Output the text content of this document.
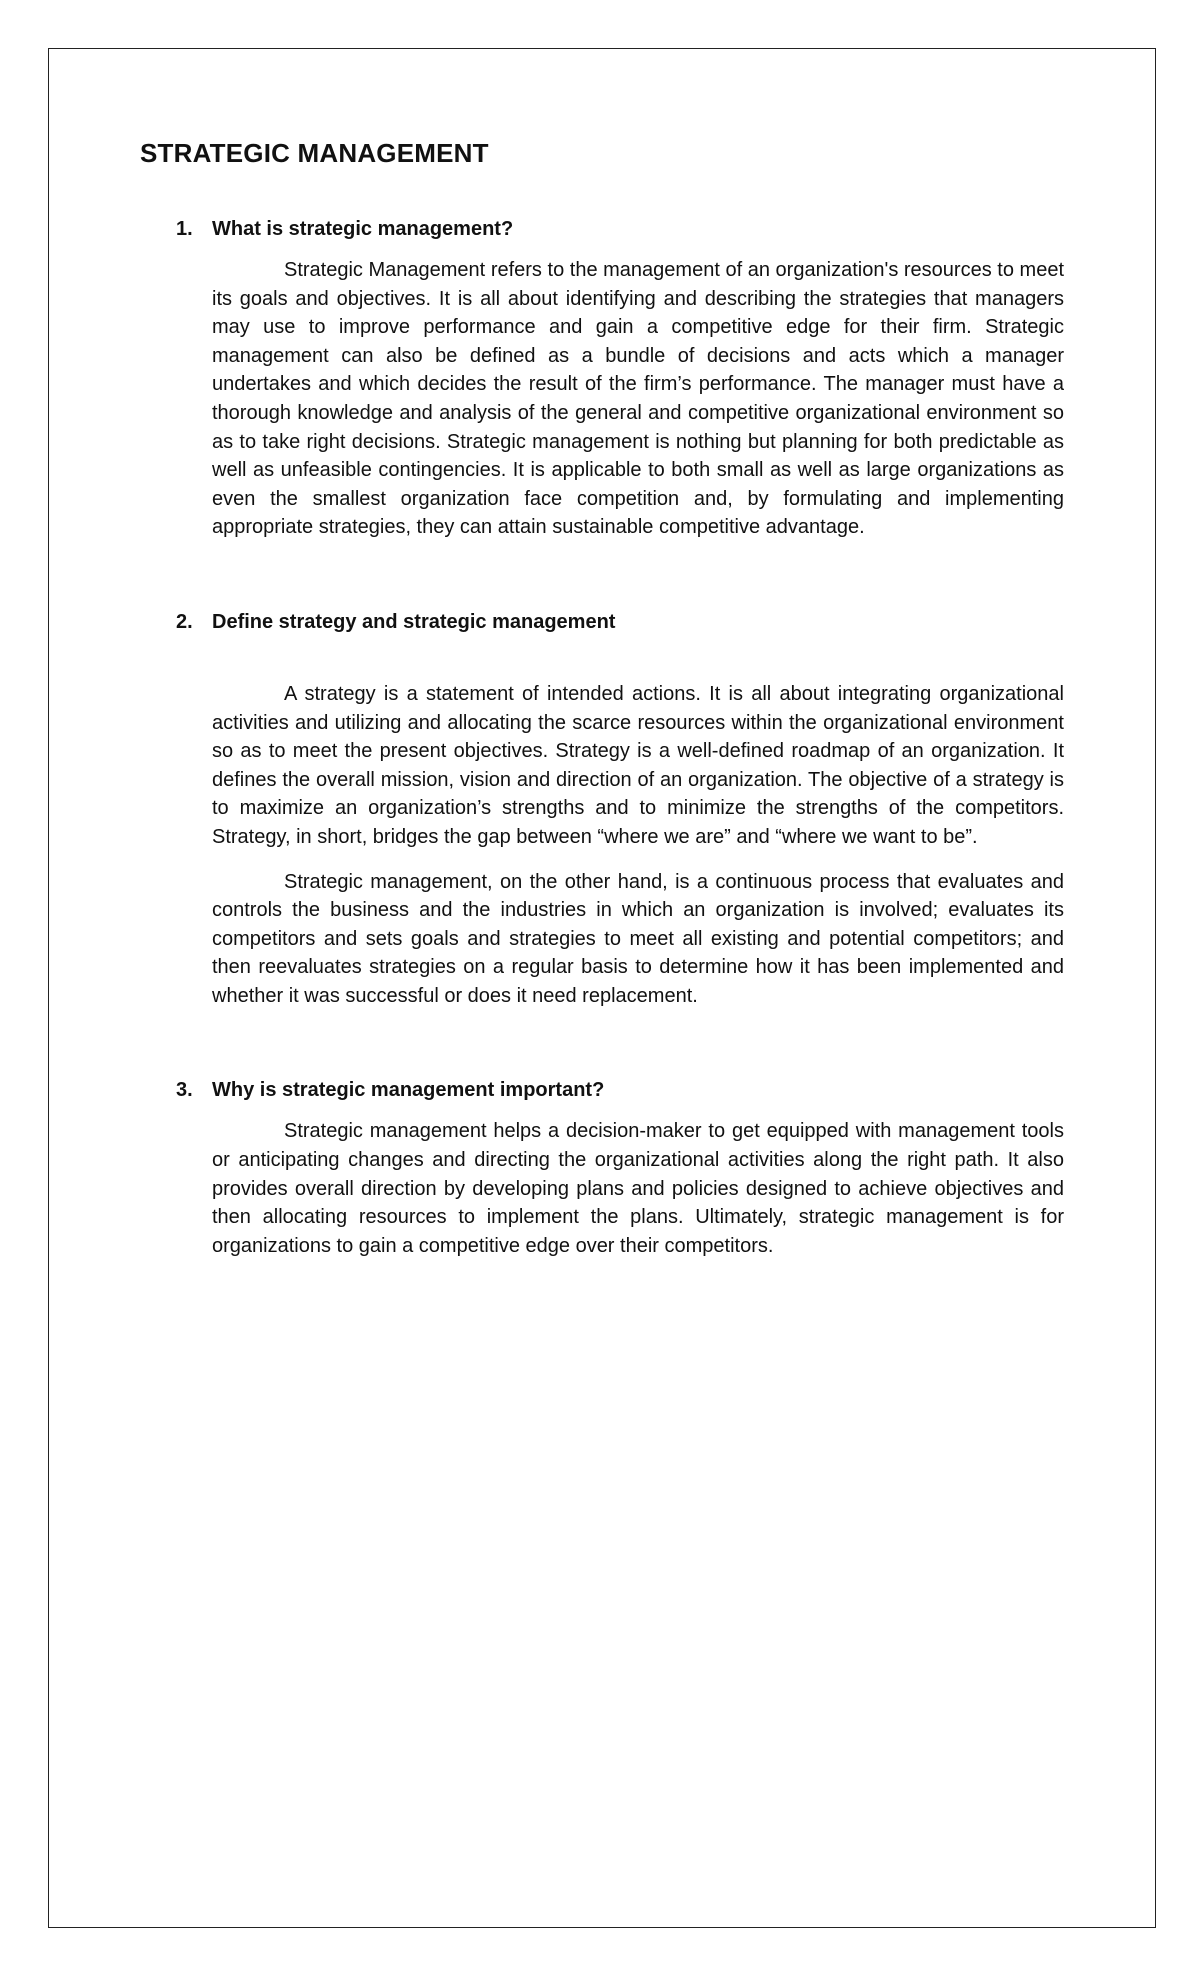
STRATEGIC MANAGEMENT
1. What is strategic management?

Strategic Management refers to the management of an organization's resources to meet its goals and objectives. It is all about identifying and describing the strategies that managers may use to improve performance and gain a competitive edge for their firm. Strategic management can also be defined as a bundle of decisions and acts which a manager undertakes and which decides the result of the firm’s performance. The manager must have a thorough knowledge and analysis of the general and competitive organizational environment so as to take right decisions. Strategic management is nothing but planning for both predictable as well as unfeasible contingencies. It is applicable to both small as well as large organizations as even the smallest organization face competition and, by formulating and implementing appropriate strategies, they can attain sustainable competitive advantage.

2. Define strategy and strategic management

A strategy is a statement of intended actions. It is all about integrating organizational activities and utilizing and allocating the scarce resources within the organizational environment so as to meet the present objectives. Strategy is a well-defined roadmap of an organization. It defines the overall mission, vision and direction of an organization. The objective of a strategy is to maximize an organization’s strengths and to minimize the strengths of the competitors. Strategy, in short, bridges the gap between “where we are” and “where we want to be”.

Strategic management, on the other hand, is a continuous process that evaluates and controls the business and the industries in which an organization is involved; evaluates its competitors and sets goals and strategies to meet all existing and potential competitors; and then reevaluates strategies on a regular basis to determine how it has been implemented and whether it was successful or does it need replacement.

3. Why is strategic management important?

Strategic management helps a decision-maker to get equipped with management tools or anticipating changes and directing the organizational activities along the right path. It also provides overall direction by developing plans and policies designed to achieve objectives and then allocating resources to implement the plans. Ultimately, strategic management is for organizations to gain a competitive edge over their competitors.
